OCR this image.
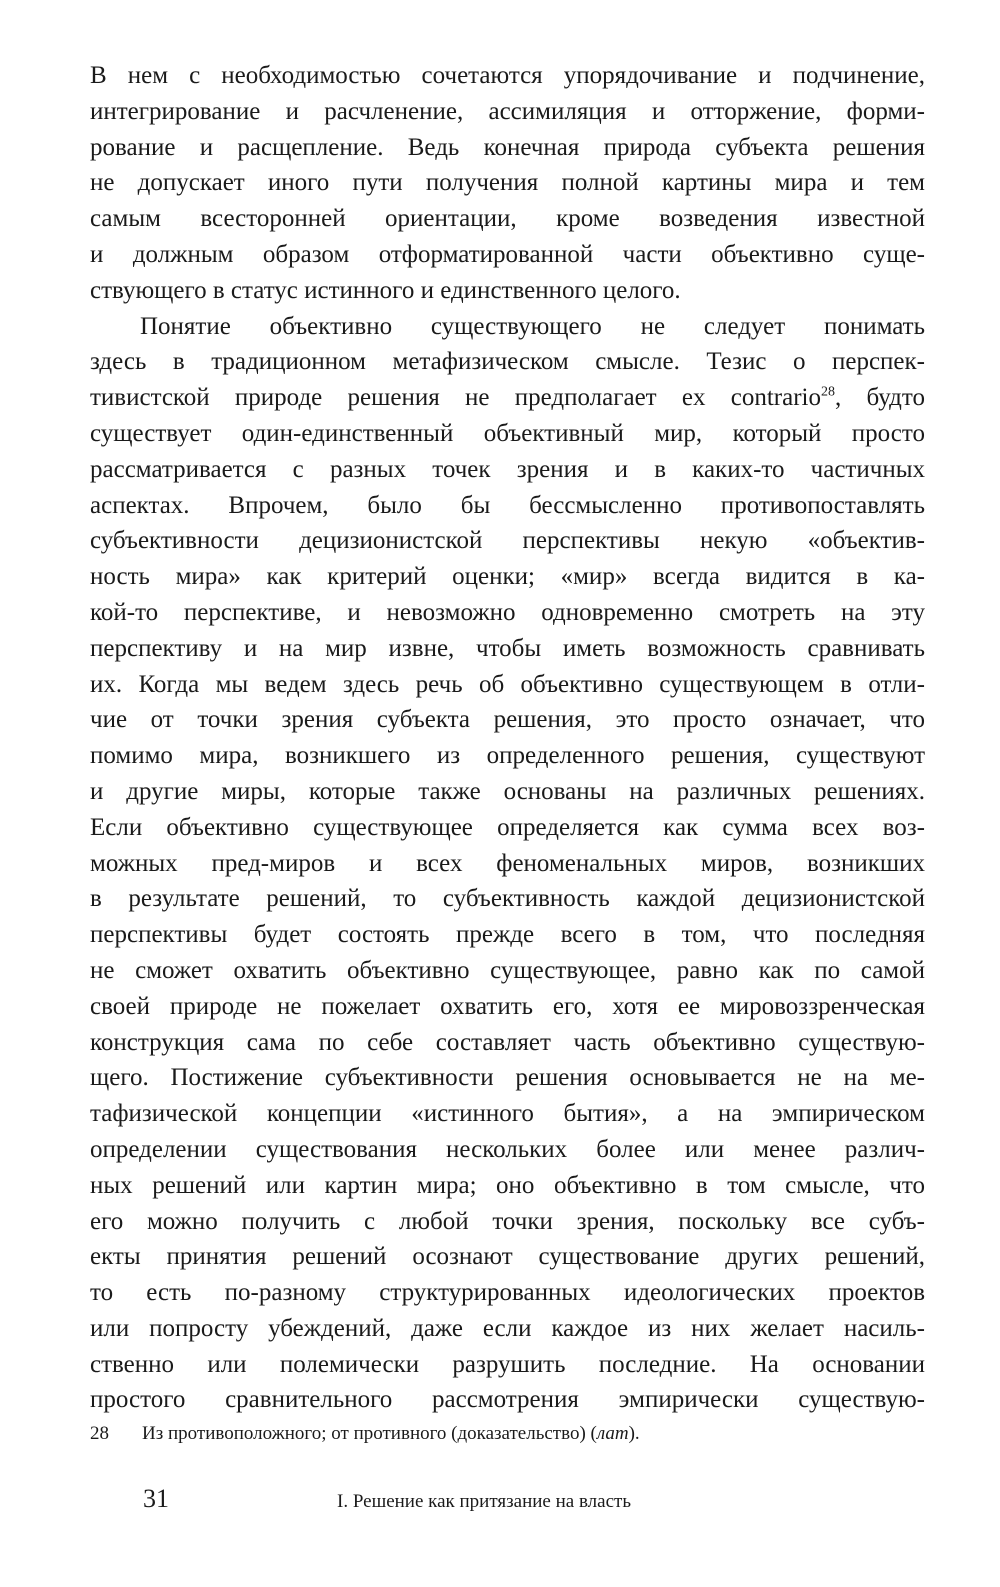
В нем с необходимостью сочетаются упорядочивание и подчинение,
интегрирование и расчленение, ассимиляция и отторжение, форми-
рование и расщепление. Ведь конечная природа субъекта решения
не допускает иного пути получения полной картины мира и тем
самым всесторонней ориентации, кроме возведения известной
и должным образом отформатированной части объективно суще-
ствующего в статус истинного и единственного целого.
Понятие объективно существующего не следует понимать
здесь в традиционном метафизическом смысле. Тезис о перспек-
тивистской природе решения не предполагает ex contrario$^{28}$, будто
существует один-единственный объективный мир, который просто
рассматривается с разных точек зрения и в каких-то частичных
аспектах. Впрочем, было бы бессмысленно противопоставлять
субъективности децизионистской перспективы некую «объектив-
ность мира» как критерий оценки; «мир» всегда видится в ка-
кой-то перспективе, и невозможно одновременно смотреть на эту
перспективу и на мир извне, чтобы иметь возможность сравнивать
их. Когда мы ведем здесь речь об объективно существующем в отли-
чие от точки зрения субъекта решения, это просто означает, что
помимо мира, возникшего из определенного решения, существуют
и другие миры, которые также основаны на различных решениях.
Если объективно существующее определяется как сумма всех воз-
можных пред-миров и всех феноменальных миров, возникших
в результате решений, то субъективность каждой децизионистской
перспективы будет состоять прежде всего в том, что последняя
не сможет охватить объективно существующее, равно как по самой
своей природе не пожелает охватить его, хотя ее мировоззренческая
конструкция сама по себе составляет часть объективно существую-
щего. Постижение субъективности решения основывается не на ме-
тафизической концепции «истинного бытия», а на эмпирическом
определении существования нескольких более или менее различ-
ных решений или картин мира; оно объективно в том смысле, что
его можно получить с любой точки зрения, поскольку все субъ-
екты принятия решений осознают существование других решений,
то есть по-разному структурированных идеологических проектов
или попросту убеждений, даже если каждое из них желает насиль-
ственно или полемически разрушить последние. На основании
простого сравнительного рассмотрения эмпирически существую-
28 Из противоположного; от противного (доказательство) (лат).
31	I. Решение как притязание на власть
